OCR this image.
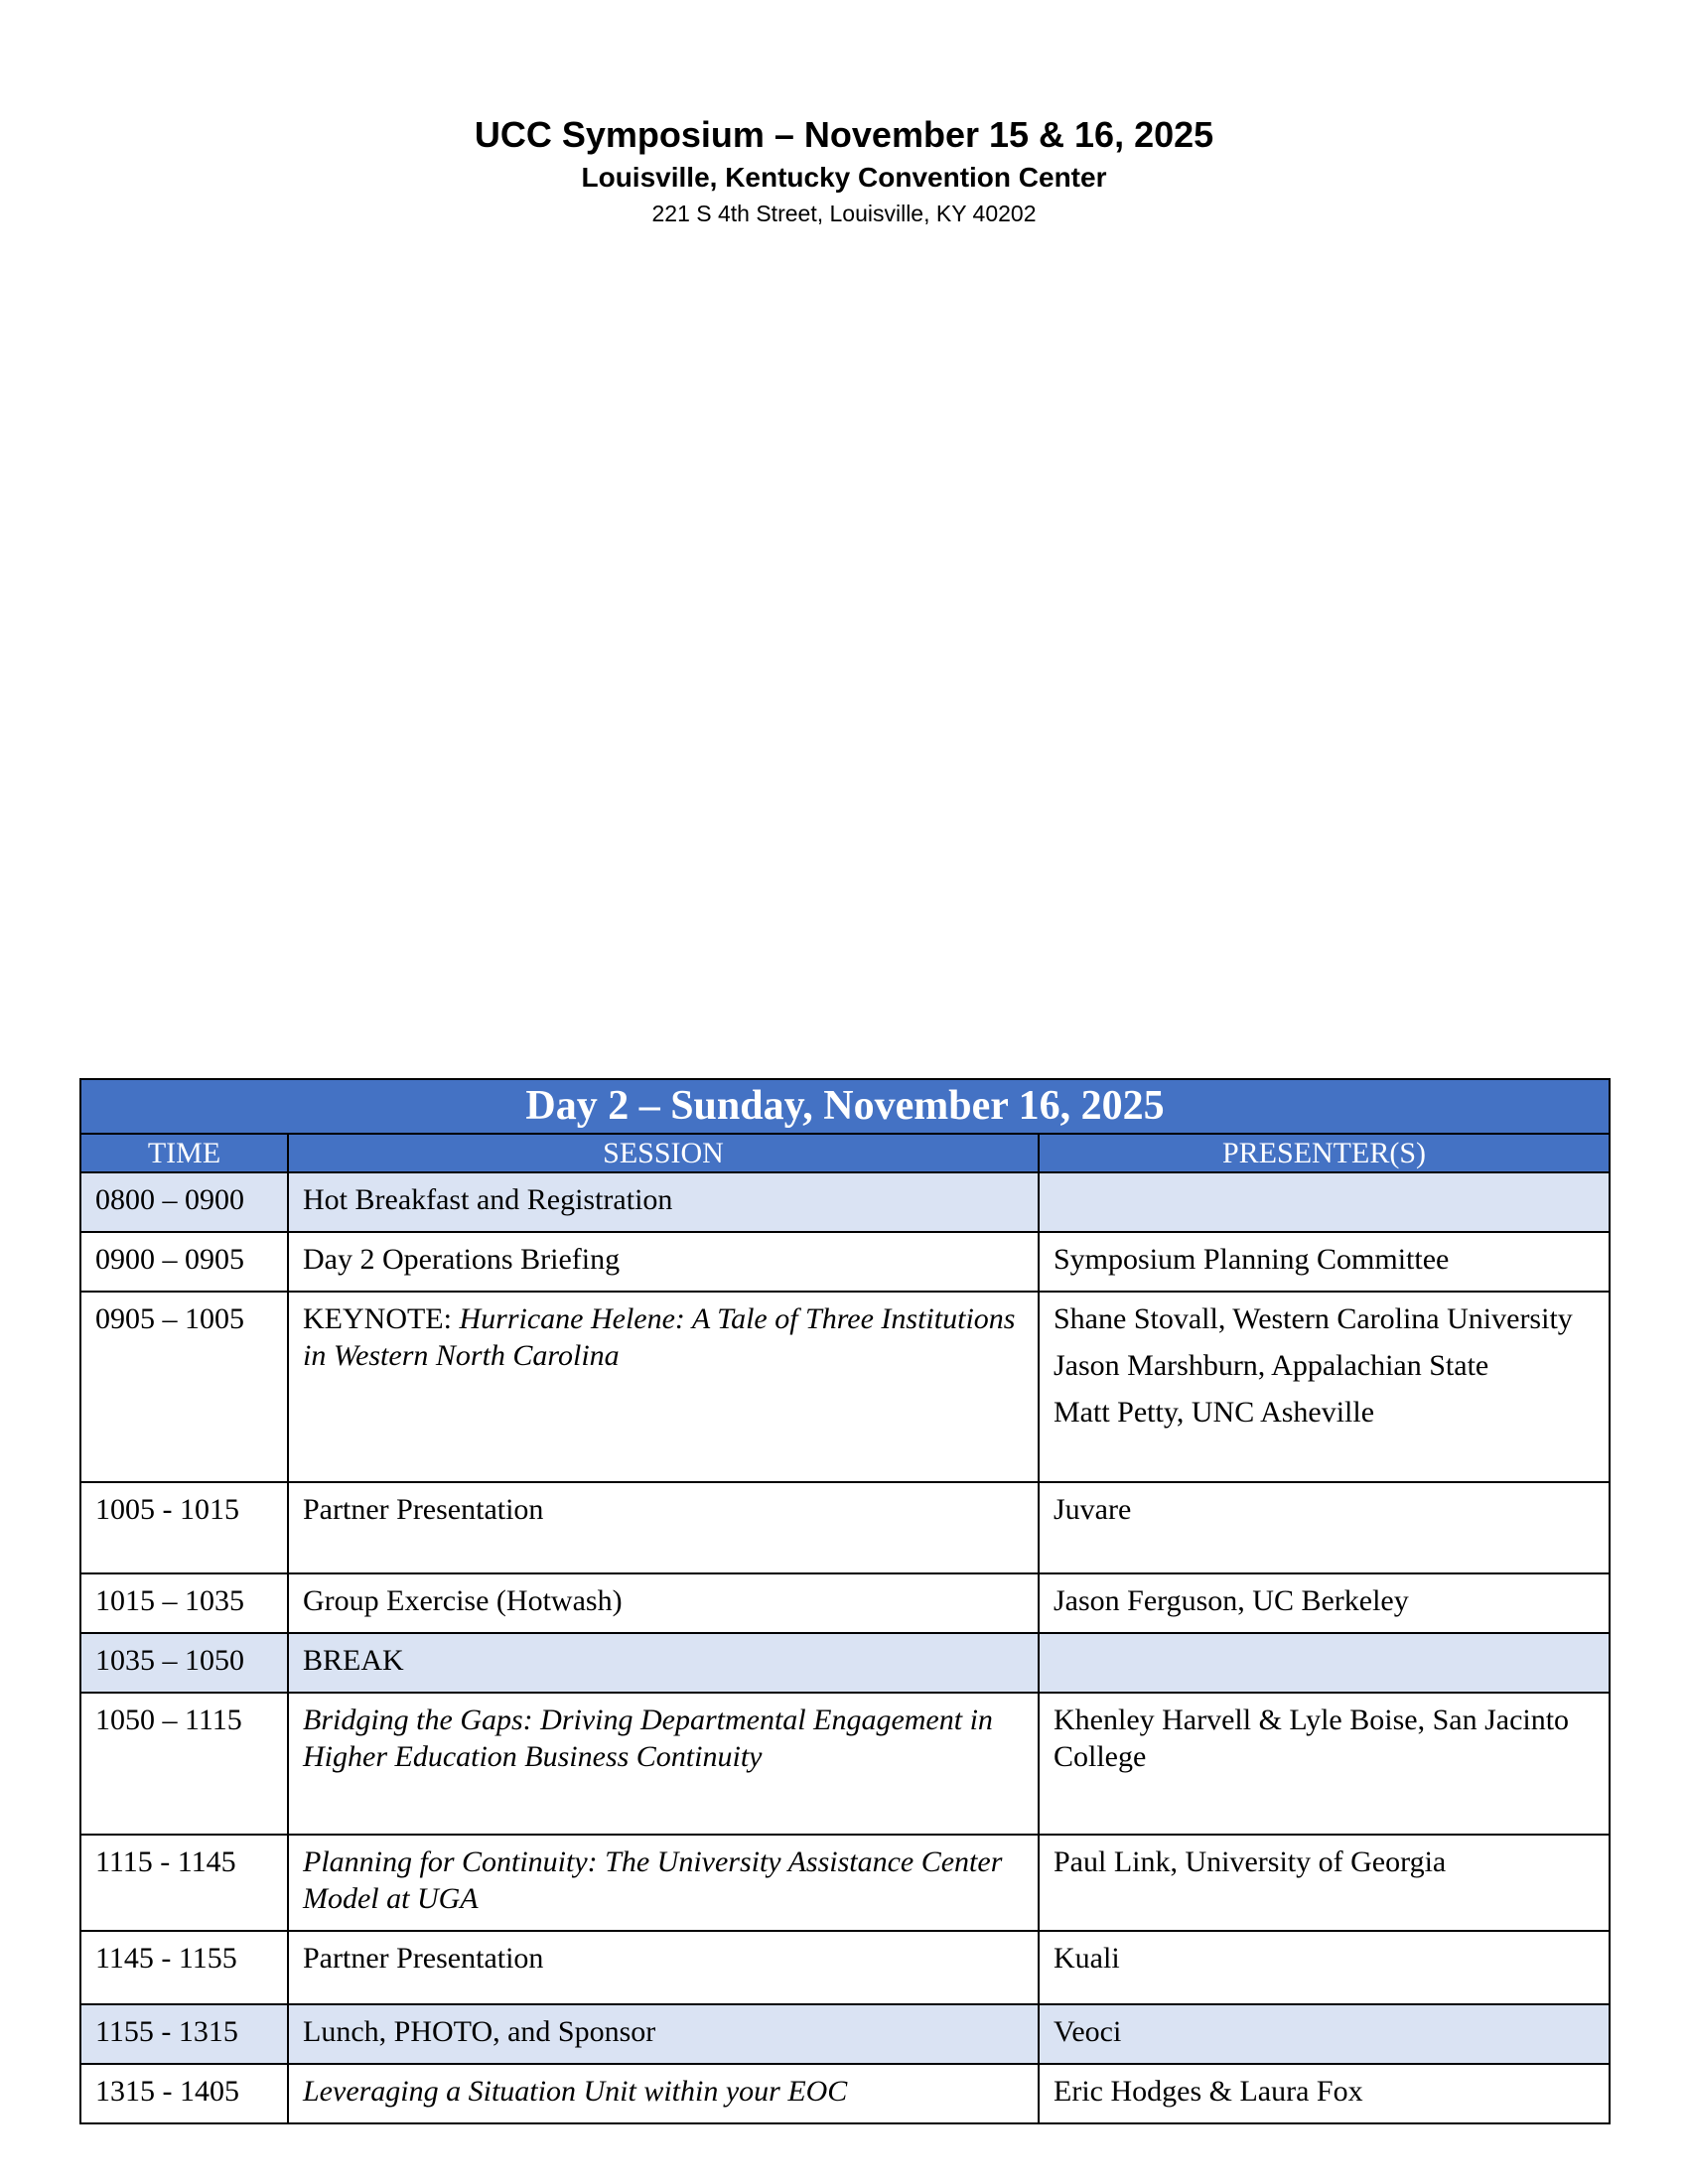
UCC Symposium – November 15 & 16, 2025
Louisville, Kentucky Convention Center
221 S 4th Street, Louisville, KY 40202
Day 2 – Sunday, November 16, 2025		
TIME	SESSION	PRESENTER(S)
0800 – 0900	Hot Breakfast and Registration	

0900 – 0905	Day 2 Operations Briefing	Symposium Planning Committee

0905 – 1005	KEYNOTE: Hurricane Helene: A Tale of Three Institutions in Western North Carolina	Shane Stovall, Western Carolina University
Jason Marshburn, Appalachian State
Matt Petty, UNC Asheville

1005 - 1015	Partner Presentation	Juvare

1015 – 1035	Group Exercise (Hotwash)	Jason Ferguson, UC Berkeley

1035 – 1050	BREAK	

1050 – 1115	Bridging the Gaps: Driving Departmental Engagement in Higher Education Business Continuity	Khenley Harvell & Lyle Boise, San Jacinto College

1115 - 1145	Planning for Continuity: The University Assistance Center Model at UGA	Paul Link, University of Georgia

1145 - 1155	Partner Presentation	Kuali

1155 - 1315	Lunch, PHOTO, and Sponsor	Veoci

1315 - 1405	Leveraging a Situation Unit within your EOC	Eric Hodges & Laura Fox
